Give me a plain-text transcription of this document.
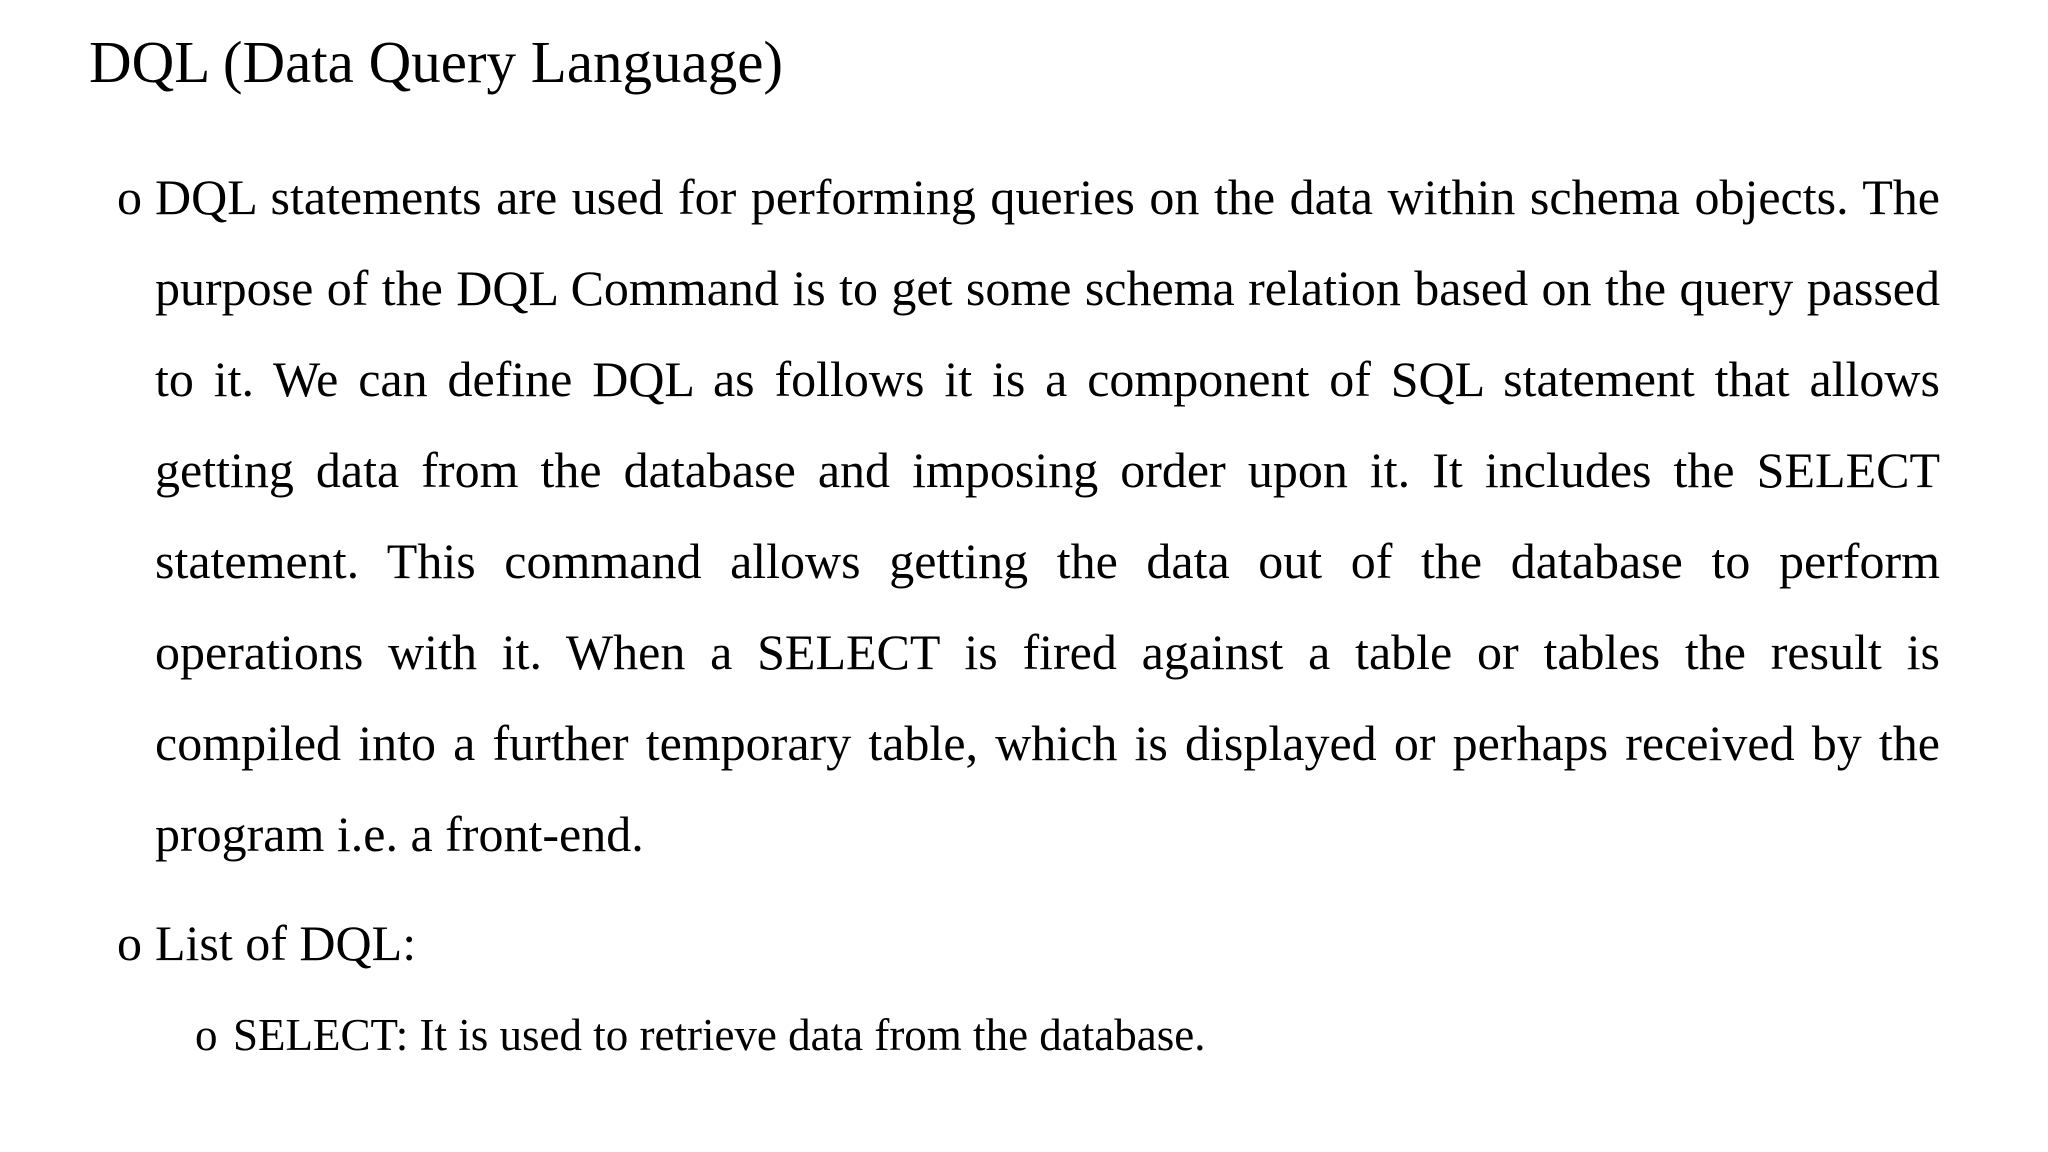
DQL (Data Query Language)
o DQL statements are used for performing queries on the data within schema objects. The purpose of the DQL Command is to get some schema relation based on the query passed to it. We can define DQL as follows it is a component of SQL statement that allows getting data from the database and imposing order upon it. It includes the SELECT statement. This command allows getting the data out of the database to perform operations with it. When a SELECT is fired against a table or tables the result is compiled into a further temporary table, which is displayed or perhaps received by the program i.e. a front-end.
o List of DQL:
o SELECT: It is used to retrieve data from the database.
